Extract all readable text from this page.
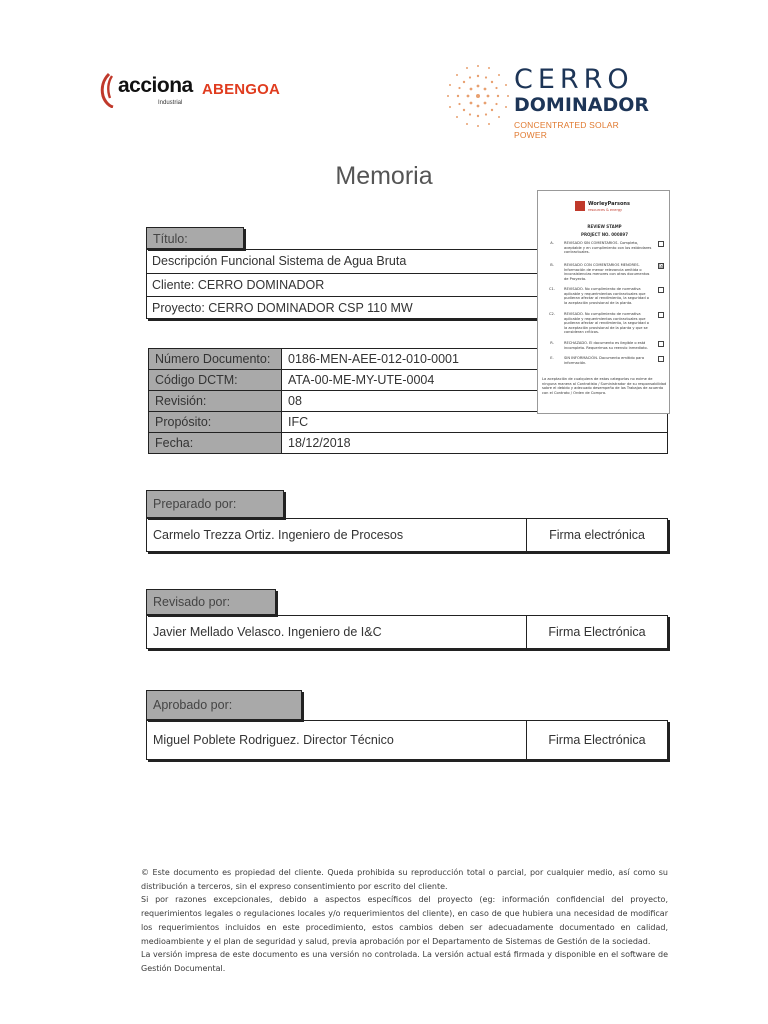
acciona
Industrial
ABENGOA	CERRO
DOMINADOR
CONCENTRATED SOLAR POWER
Memoria
Título:
Descripción Funcional Sistema de Agua Bruta
Cliente: CERRO DOMINADOR
Proyecto: CERRO DOMINADOR CSP 110 MW
Número Documento:	0186-MEN-AEE-012-010-0001
Código DCTM:	ATA-00-ME-MY-UTE-0004
Revisión:	08
Propósito:	IFC
Fecha:	18/12/2018
WorleyParsons
resources & energy
REVIEW STAMP
PROJECT NO. 000897
A.	REVISADO SIN COMENTARIOS. Completo, aceptable y en cumplimiento con los estándares contractuales.
B.	REVISADO CON COMENTARIOS MENORES. Información de menor relevancia omitida o inconsistencias menores con otros documentos de Proyecto.
☒
C1.	REVISADO. No cumplimiento de normativa aplicable y requerimientos contractuales que pudieran afectar al rendimiento, la seguridad o la aceptación provisional de la planta.
C2.	REVISADO. No cumplimiento de normativa aplicable y requerimientos contractuales que pudieran afectar al rendimiento, la seguridad o la aceptación provisional de la planta y que se consideran críticos.
R.	RECHAZADO. El documento es ilegible o está incompleto. Requerimos su reenvío inmediato.
E.	SIN INFORMACIÓN. Documento emitido para información.
La aceptación de cualquiera de estas categorías no exime de ninguna manera al Contratista / Suministrador de su responsabilidad sobre el debido y adecuado desempeño de los Trabajos de acuerdo con el Contrato / Orden de Compra.
Preparado por:
Carmelo Trezza Ortiz. Ingeniero de Procesos	Firma electrónica
Revisado por:
Javier Mellado Velasco. Ingeniero de I&C	Firma Electrónica
Aprobado por:
Miguel Poblete Rodriguez. Director Técnico	Firma Electrónica

© Este documento es propiedad del cliente. Queda prohibida su reproducción total o parcial, por cualquier medio, así como su distribución a terceros, sin el expreso consentimiento por escrito del cliente.

Si por razones excepcionales, debido a aspectos específicos del proyecto (eg: información confidencial del proyecto, requerimientos legales o regulaciones locales y/o requerimientos del cliente), en caso de que hubiera una necesidad de modificar los requerimientos incluidos en este procedimiento, estos cambios deben ser adecuadamente documentado en calidad, medioambiente y el plan de seguridad y salud, previa aprobación por el Departamento de Sistemas de Gestión de la sociedad.

La versión impresa de este documento es una versión no controlada. La versión actual está firmada y disponible en el software de Gestión Documental.
